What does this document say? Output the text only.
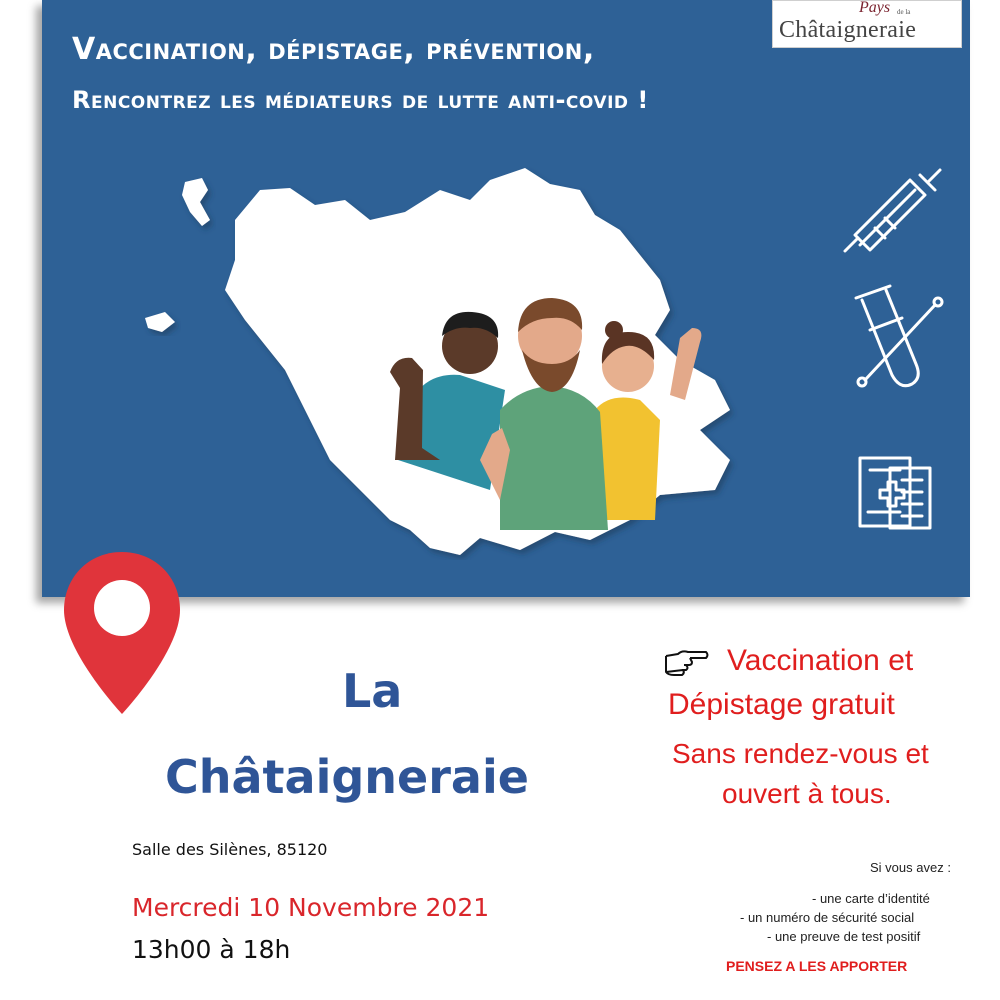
Pays de la
Châtaigneraie
Vaccination, dépistage, prévention,
Rencontrez les médiateurs de lutte anti-covid !
La
Châtaigneraie
Salle des Silènes, 85120
Mercredi 10 Novembre 2021
13h00 à 18h
Vaccination et
Dépistage gratuit
Sans rendez-vous et
ouvert à tous.
Si vous avez :
- une carte d’identité
- un numéro de sécurité social
- une preuve de test positif
PENSEZ A LES APPORTER
